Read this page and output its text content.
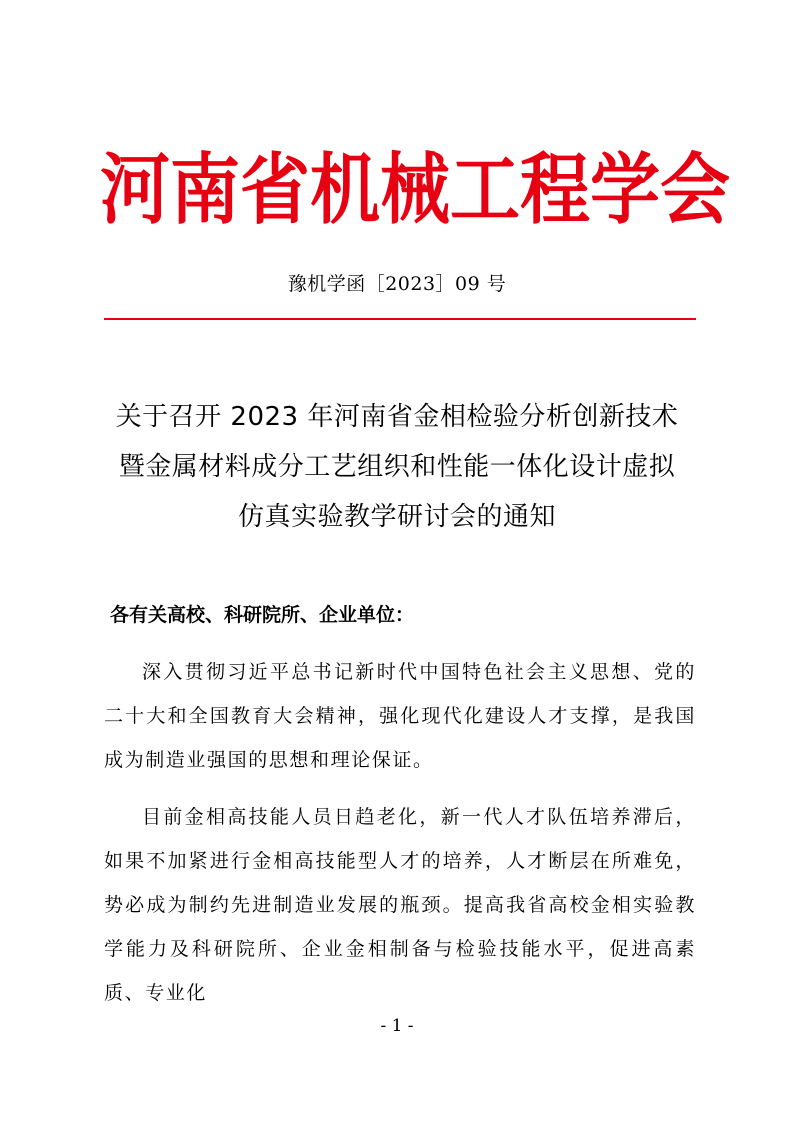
河 南 省 机 械 工 程 学 会
豫机学函［2023］09 号
关于召开 2023 年河南省金相检验分析创新技术
暨金属材料成分工艺组织和性能一体化设计虚拟
仿真实验教学研讨会的通知
各有关高校、科研院所、企业单位：
深入贯彻习近平总书记新时代中国特色社会主义思想、党的二十大和全国教育大会精神，强化现代化建设人才支撑，是我国成为制造业强国的思想和理论保证。
目前金相高技能人员日趋老化，新一代人才队伍培养滞后，如果不加紧进行金相高技能型人才的培养，人才断层在所难免，势必成为制约先进制造业发展的瓶颈。提高我省高校金相实验教学能力及科研院所、企业金相制备与检验技能水平，促进高素质、专业化
- 1 -
